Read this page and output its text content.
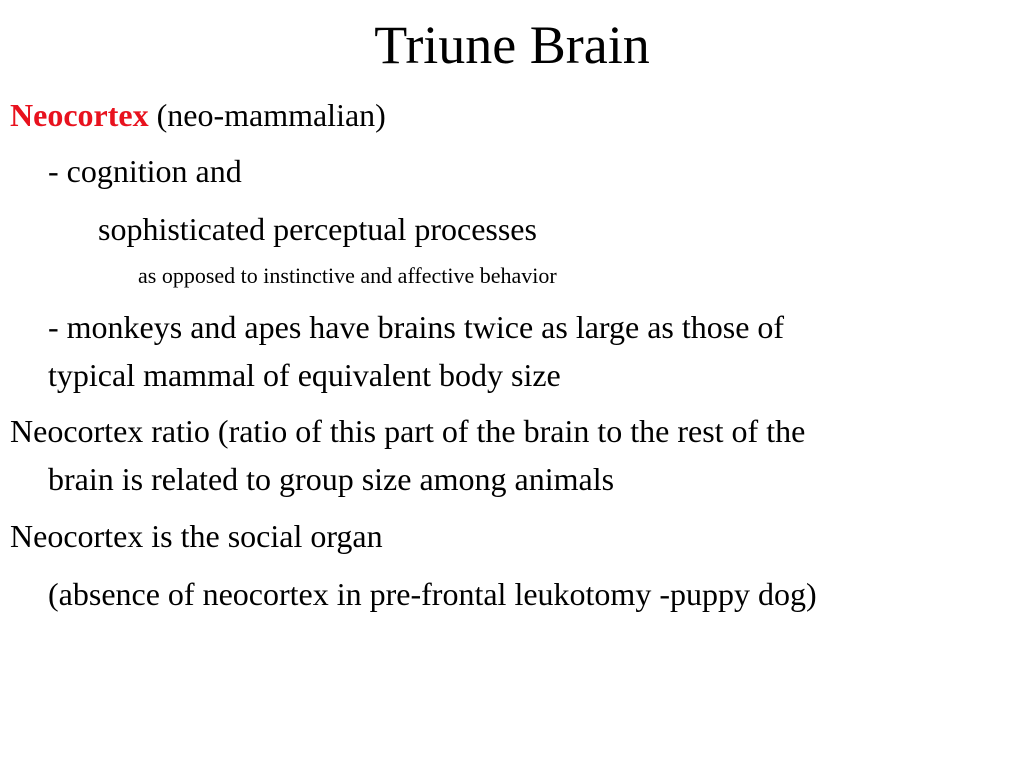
Triune Brain
Neocortex (neo-mammalian)
- cognition and
sophisticated perceptual processes
as opposed to instinctive and affective behavior
- monkeys and apes have brains twice as large as those of
typical mammal of equivalent body size
Neocortex ratio (ratio of this part of the brain to the rest of the
brain is related to group size among animals
Neocortex is the social organ
(absence of neocortex in pre-frontal leukotomy -puppy dog)
